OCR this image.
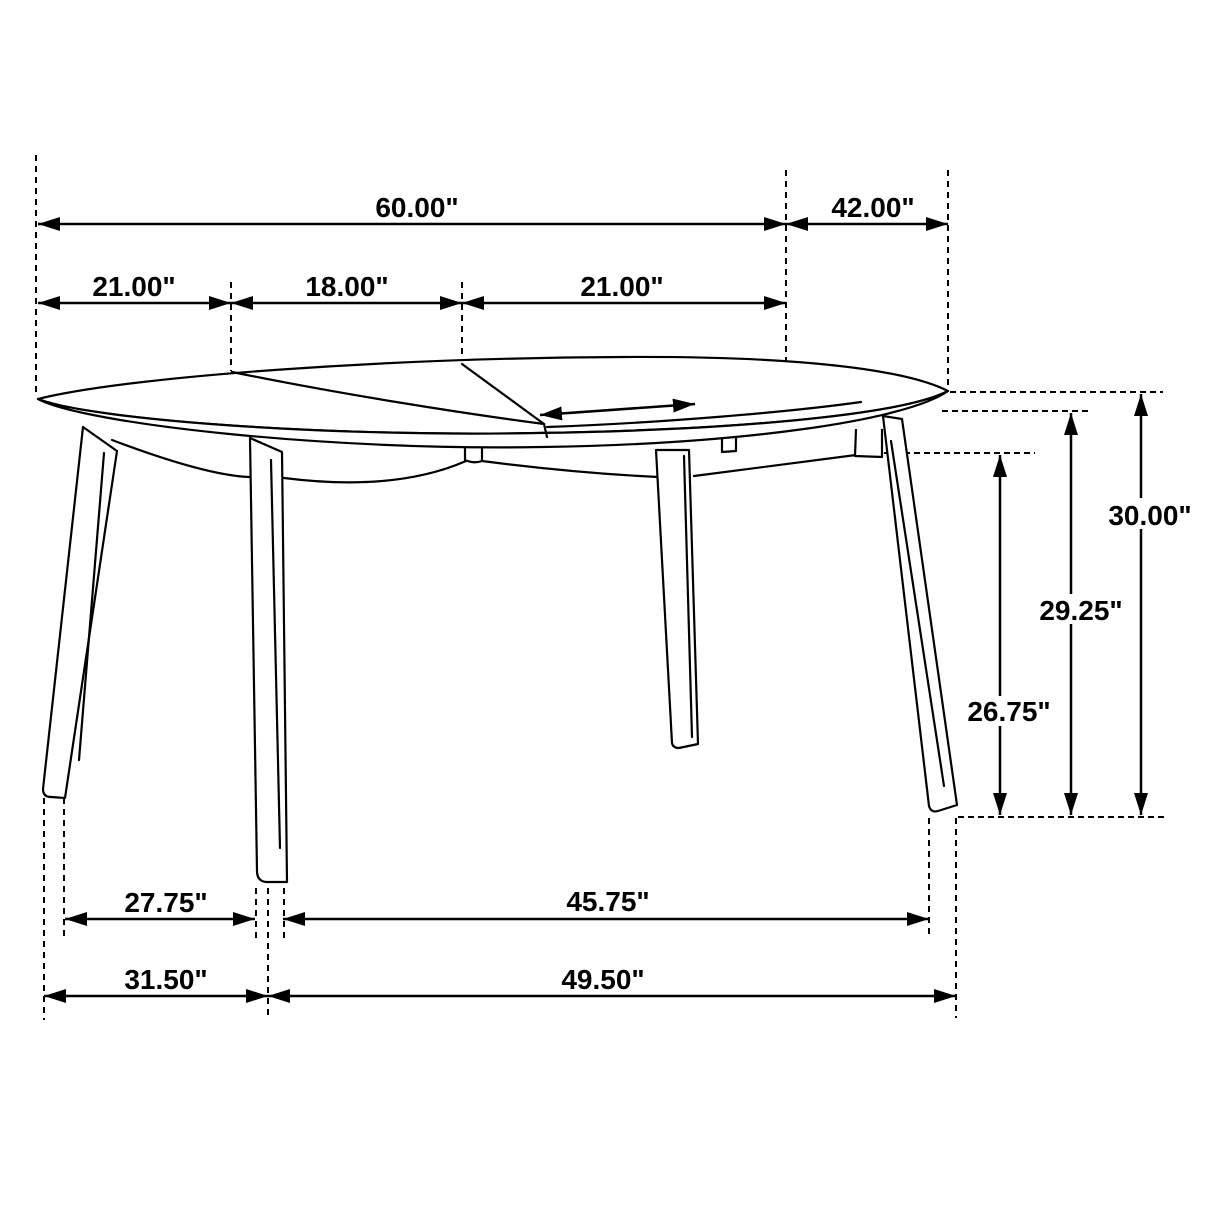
60.00"	42.00"
21.00"	18.00"	21.00"
27.75"	45.75"
31.50"	49.50"
30.00"
29.25"
26.75"
